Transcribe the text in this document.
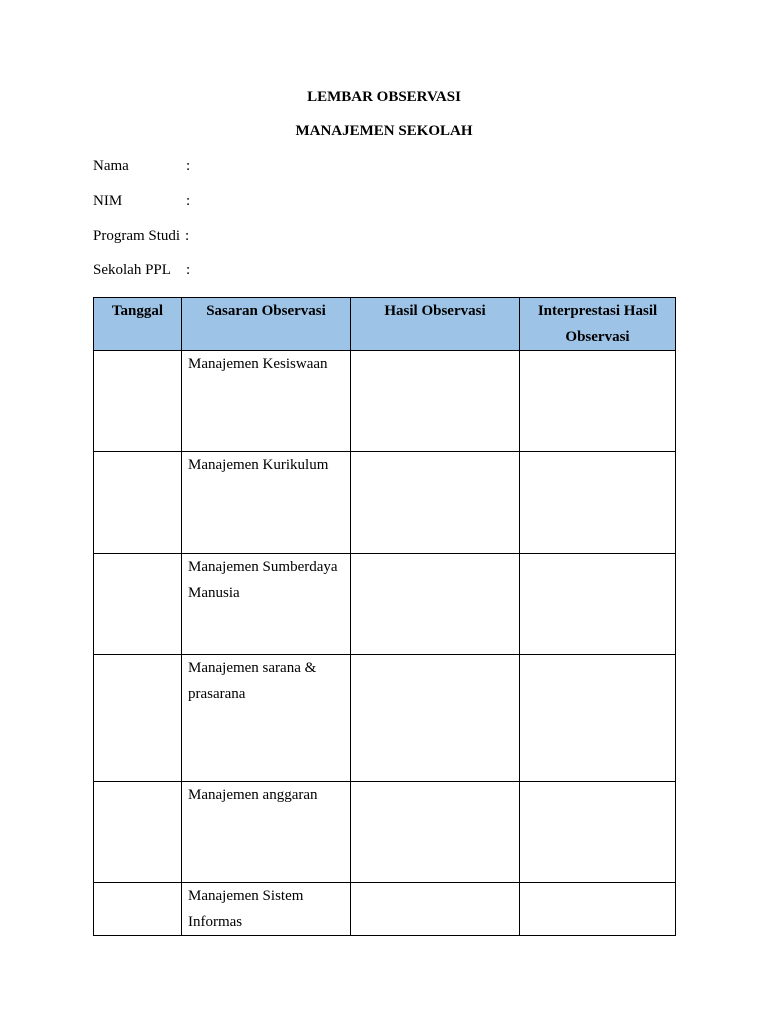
LEMBAR OBSERVASI

MANAJEMEN SEKOLAH

Nama	:
NIM	:
Program Studi :
Sekolah PPL :
Tanggal	Sasaran Observasi	Hasil Observasi	Interprestasi Hasil Observasi
	Manajemen Kesiswaan		
	Manajemen Kurikulum		
	Manajemen Sumberdaya Manusia		
	Manajemen sarana & prasarana		
	Manajemen anggaran		
	Manajemen Sistem Informas		
